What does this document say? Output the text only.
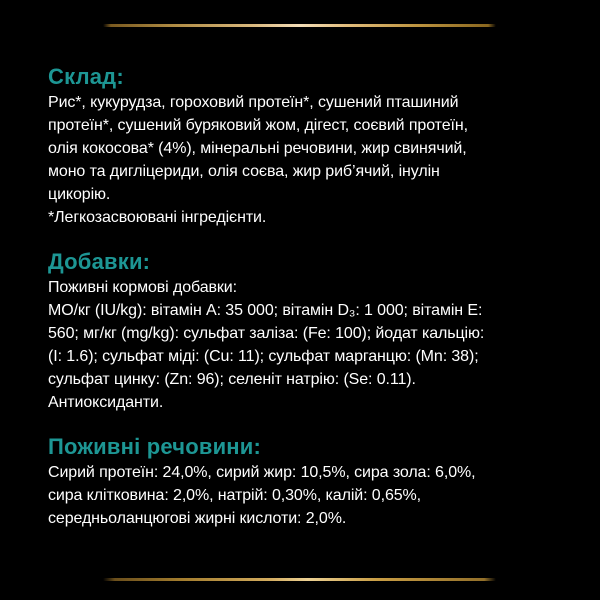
Склад:
Рис*, кукурудза, гороховий протеїн*, сушений пташиний
протеїн*, сушений буряковий жом, дігест, соєвий протеїн,
олія кокосова* (4%), мінеральні речовини, жир свинячий,
моно та дигліцериди, олія соєва, жир риб’ячий, інулін
цикорію.
*Легкозасвоювані інгредієнти.
Добавки:
Поживні кормові добавки:
МО/кг (IU/kg): вітамін A: 35 000; вітамін D₃: 1 000; вітамін E:
560; мг/кг (mg/kg): сульфат заліза: (Fe: 100); йодат кальцію:
(I: 1.6); сульфат міді: (Cu: 11); сульфат марганцю: (Mn: 38);
сульфат цинку: (Zn: 96); селеніт натрію: (Se: 0.11).
Антиоксиданти.
Поживні речовини:
Сирий протеїн: 24,0%, сирий жир: 10,5%, сира зола: 6,0%,
сира клітковина: 2,0%, натрій: 0,30%, калій: 0,65%,
середньоланцюгові жирні кислоти: 2,0%.
